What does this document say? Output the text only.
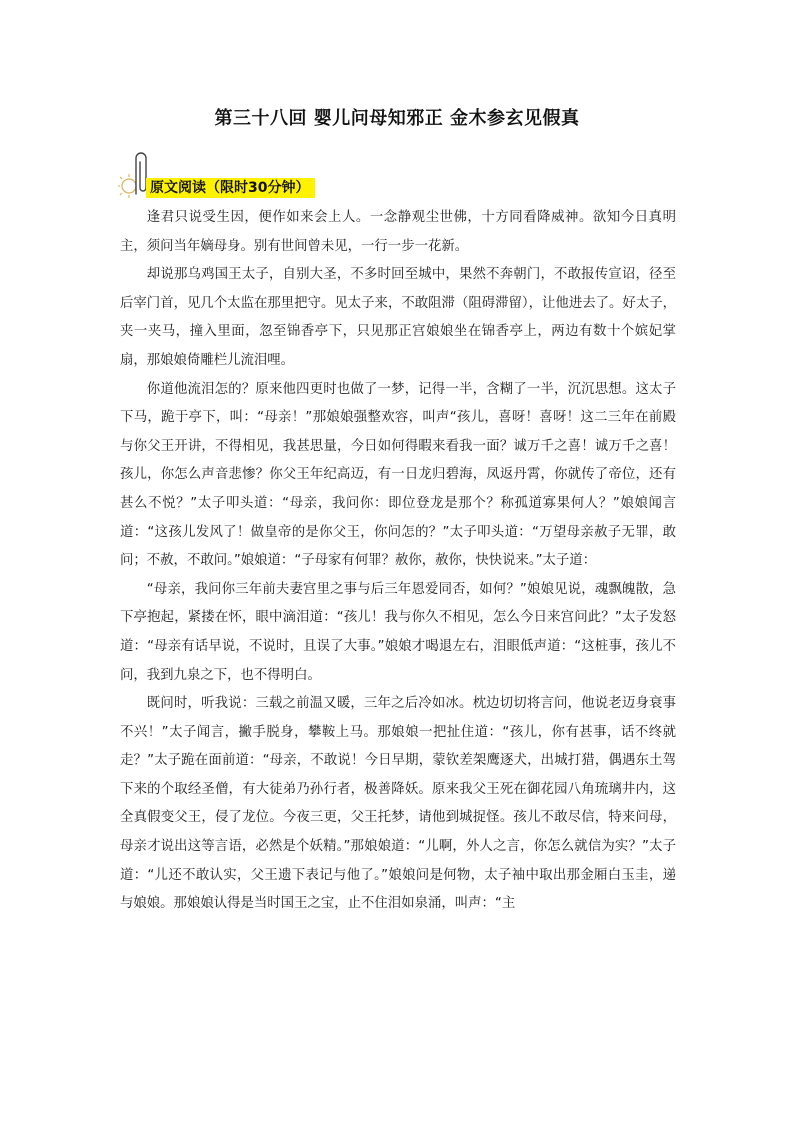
第三十八回 婴儿问母知邪正 金木参玄见假真
原文阅读（限时30分钟）

逢君只说受生因，便作如来会上人。一念静观尘世佛，十方同看降威神。欲知今日真明主，须问当年嫡母身。别有世间曾未见，一行一步一花新。

却说那乌鸡国王太子，自别大圣，不多时回至城中，果然不奔朝门，不敢报传宣诏，径至后宰门首，见几个太监在那里把守。见太子来，不敢阻滞（阻碍滞留），让他进去了。好太子，夹一夹马，撞入里面，忽至锦香亭下，只见那正宫娘娘坐在锦香亭上，两边有数十个嫔妃掌扇，那娘娘倚雕栏儿流泪哩。

你道他流泪怎的？原来他四更时也做了一梦，记得一半，含糊了一半，沉沉思想。这太子下马，跪于亭下，叫：“母亲！”那娘娘强整欢容，叫声“孩儿，喜呀！喜呀！这二三年在前殿与你父王开讲，不得相见，我甚思量，今日如何得暇来看我一面？诚万千之喜！诚万千之喜！孩儿，你怎么声音悲惨？你父王年纪高迈，有一日龙归碧海，凤返丹霄，你就传了帝位，还有甚么不悦？”太子叩头道：“母亲，我问你：即位登龙是那个？称孤道寡果何人？”娘娘闻言道：“这孩儿发风了！做皇帝的是你父王，你问怎的？”太子叩头道：“万望母亲赦子无罪，敢问；不赦，不敢问。”娘娘道：“子母家有何罪？赦你，赦你，快快说来。”太子道：

“母亲，我问你三年前夫妻宫里之事与后三年恩爱同否，如何？”娘娘见说，魂飘魄散，急下亭抱起，紧搂在怀，眼中滴泪道：“孩儿！我与你久不相见，怎么今日来宫问此？”太子发怒道：“母亲有话早说，不说时，且误了大事。”娘娘才喝退左右，泪眼低声道：“这桩事，孩儿不问，我到九泉之下，也不得明白。

既问时，听我说：三载之前温又暖，三年之后冷如冰。枕边切切将言问，他说老迈身衰事不兴！”太子闻言，撇手脱身，攀鞍上马。那娘娘一把扯住道：“孩儿，你有甚事，话不终就走？”太子跪在面前道：“母亲，不敢说！今日早期，蒙钦差架鹰逐犬，出城打猎，偶遇东土驾下来的个取经圣僧，有大徒弟乃孙行者，极善降妖。原来我父王死在御花园八角琉璃井内，这全真假变父王，侵了龙位。今夜三更，父王托梦，请他到城捉怪。孩儿不敢尽信，特来问母，母亲才说出这等言语，必然是个妖精。”那娘娘道：“儿啊，外人之言，你怎么就信为实？”太子道：“儿还不敢认实，父王遗下表记与他了。”娘娘问是何物，太子袖中取出那金厢白玉圭，递与娘娘。那娘娘认得是当时国王之宝，止不住泪如泉涌，叫声：“主
